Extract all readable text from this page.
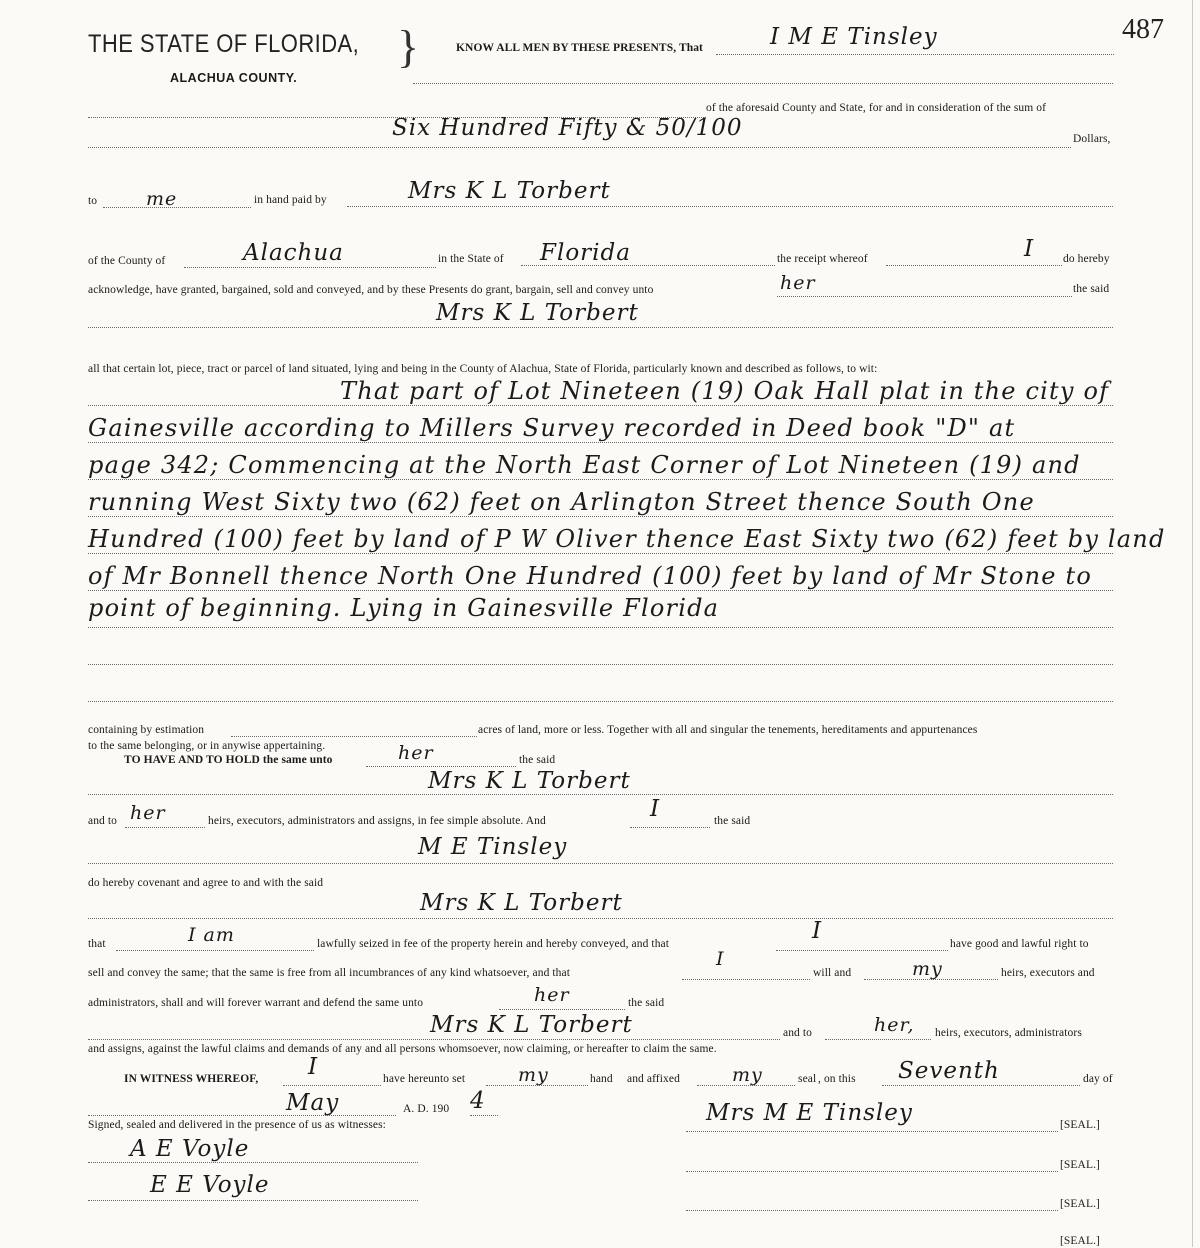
THE STATE OF FLORIDA, }
ALACHUA COUNTY.
487
KNOW ALL MEN BY THESE PRESENTS, That	I M E Tinsley
of the aforesaid County and State, for and in consideration of the sum of
Six Hundred Fifty & 50/100	Dollars,
to	me	in hand paid by	Mrs K L Torbert
of the County of	Alachua	in the State of Florida	the receipt whereof	I	do hereby
acknowledge, have granted, bargained, sold and conveyed, and by these Presents do grant, bargain, sell and convey unto	her	the said
Mrs K L Torbert
all that certain lot, piece, tract or parcel of land situated, lying and being in the County of Alachua, State of Florida, particularly known and described as follows, to wit:
That part of Lot Nineteen (19) Oak Hall plat in the city of
Gainesville according to Millers Survey recorded in Deed book "D" at
page 342; Commencing at the North East Corner of Lot Nineteen (19) and
running West Sixty two (62) feet on Arlington Street thence South One
Hundred (100) feet by land of P W Oliver thence East Sixty two (62) feet by land
of Mr Bonnell thence North One Hundred (100) feet by land of Mr Stone to
point of beginning. Lying in Gainesville Florida
containing by estimation	acres of land, more or less. Together with all and singular the tenements, hereditaments and appurtenances
to the same belonging, or in anywise appertaining.
TO HAVE AND TO HOLD the same unto	her	the said
Mrs K L Torbert
and to her	heirs, executors, administrators and assigns, in fee simple absolute. And	I	the said
M E Tinsley
do hereby covenant and agree to and with the said
Mrs K L Torbert
that	I am	lawfully seized in fee of the property herein and hereby conveyed, and that	I	have good and lawful right to
sell and convey the same; that the same is free from all incumbrances of any kind whatsoever, and that
I
will and	my	heirs, executors and
administrators, shall and will forever warrant and defend the same unto	her	the said
Mrs K L Torbert	and to	her, heirs, executors, administrators
and assigns, against the lawful claims and demands of any and all persons whomsoever, now claiming, or hereafter to claim the same.
IN WITNESS WHEREOF, I	have hereunto set	my	hand and affixed	my	seal , on this Seventh	day of
May	A. D. 190 4
Signed, sealed and delivered in the presence of us as witnesses:	Mrs M E Tinsley	[SEAL.]
[SEAL.]
[SEAL.]
[SEAL.]
A E Voyle
E E Voyle
